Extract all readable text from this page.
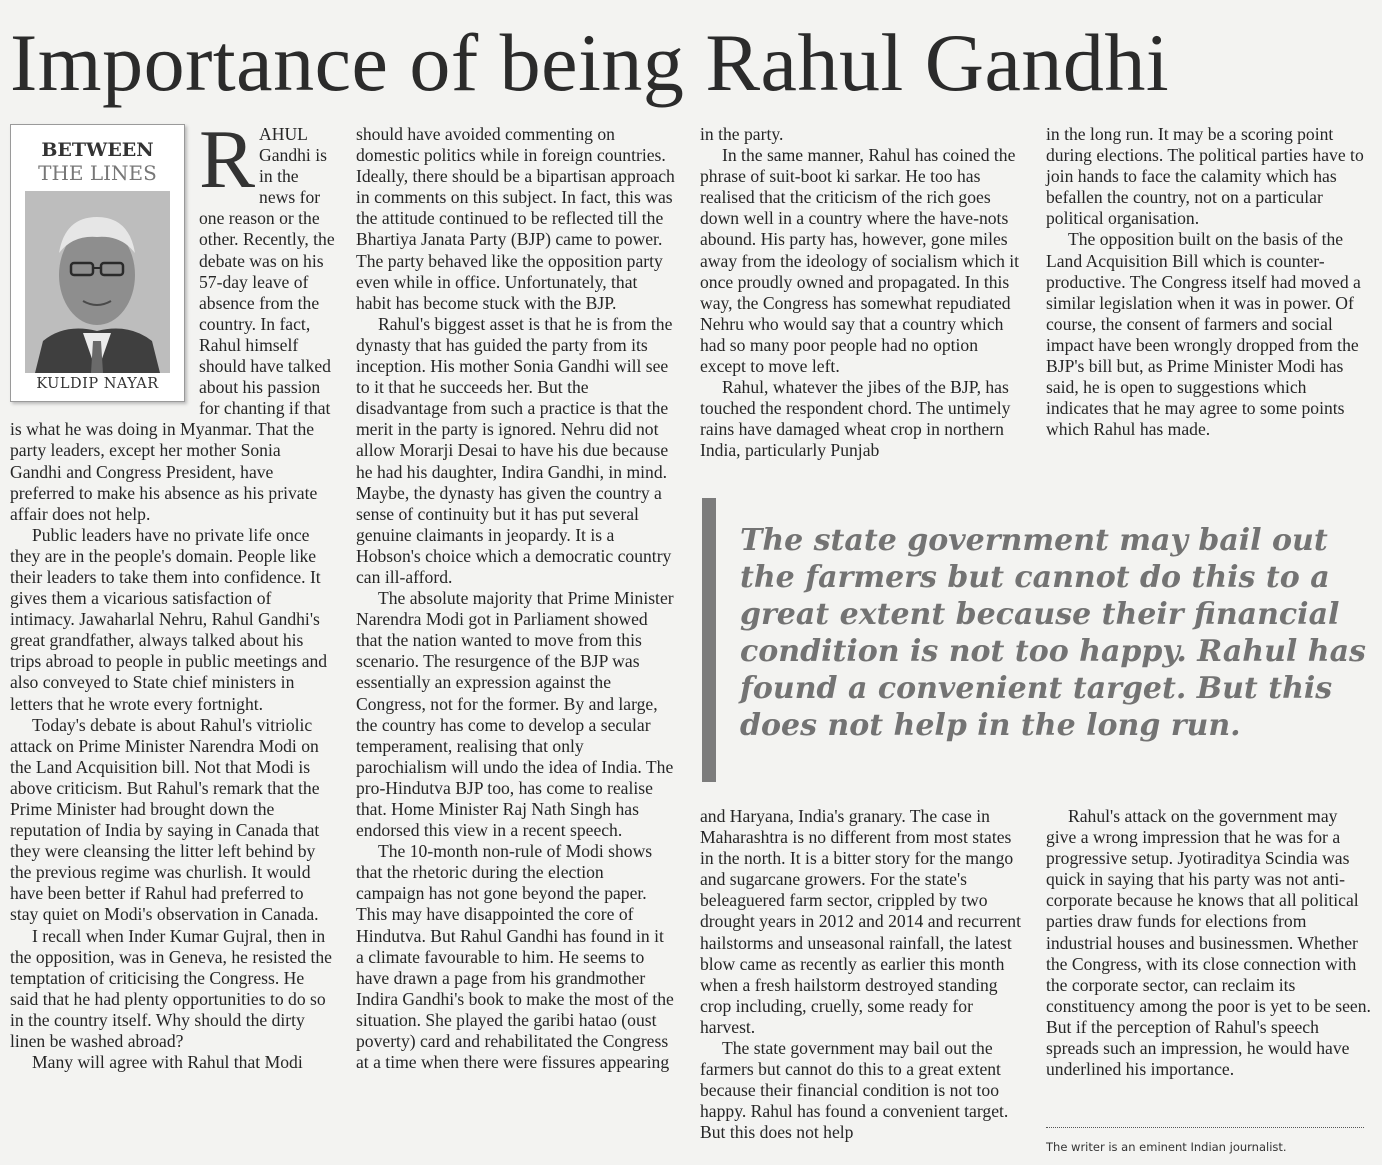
Importance of being Rahul Gandhi
BETWEEN
THE LINES
KULDIP NAYAR
R AHUL Gandhi is in the news for one reason or the other. Recently, the debate was on his 57-day leave of absence from the country. In fact, Rahul himself should have talked about his passion for chanting if that is what he was doing in Myanmar. That the party leaders, except her mother Sonia Gandhi and Congress President, have preferred to make his absence as his private affair does not help.

Public leaders have no private life once they are in the people's domain. People like their leaders to take them into confidence. It gives them a vicarious satisfaction of intimacy. Jawaharlal Nehru, Rahul Gandhi's great grandfather, always talked about his trips abroad to people in public meetings and also conveyed to State chief ministers in letters that he wrote every fortnight.

Today's debate is about Rahul's vitriolic attack on Prime Minister Narendra Modi on the Land Acquisition bill. Not that Modi is above criticism. But Rahul's remark that the Prime Minister had brought down the reputation of India by saying in Canada that they were cleansing the litter left behind by the previous regime was churlish. It would have been better if Rahul had preferred to stay quiet on Modi's observation in Canada.

I recall when Inder Kumar Gujral, then in the opposition, was in Geneva, he resisted the temptation of criticising the Congress. He said that he had plenty opportunities to do so in the country itself. Why should the dirty linen be washed abroad?

Many will agree with Rahul that Modi

should have avoided commenting on domestic politics while in foreign countries. Ideally, there should be a bipartisan approach in comments on this subject. In fact, this was the attitude continued to be reflected till the Bhartiya Janata Party (BJP) came to power. The party behaved like the opposition party even while in office. Unfortunately, that habit has become stuck with the BJP.

Rahul's biggest asset is that he is from the dynasty that has guided the party from its inception. His mother Sonia Gandhi will see to it that he succeeds her. But the disadvantage from such a practice is that the merit in the party is ignored. Nehru did not allow Morarji Desai to have his due because he had his daughter, Indira Gandhi, in mind. Maybe, the dynasty has given the country a sense of continuity but it has put several genuine claimants in jeopardy. It is a Hobson's choice which a democratic country can ill-afford.

The absolute majority that Prime Minister Narendra Modi got in Parliament showed that the nation wanted to move from this scenario. The resurgence of the BJP was essentially an expression against the Congress, not for the former. By and large, the country has come to develop a secular temperament, realising that only parochialism will undo the idea of India. The pro-Hindutva BJP too, has come to realise that. Home Minister Raj Nath Singh has endorsed this view in a recent speech.

The 10-month non-rule of Modi shows that the rhetoric during the election campaign has not gone beyond the paper. This may have disappointed the core of Hindutva. But Rahul Gandhi has found in it a climate favourable to him. He seems to have drawn a page from his grandmother Indira Gandhi's book to make the most of the situation. She played the garibi hatao (oust poverty) card and rehabilitated the Congress at a time when there were fissures appearing

in the party.

In the same manner, Rahul has coined the phrase of suit-boot ki sarkar. He too has realised that the criticism of the rich goes down well in a country where the have-nots abound. His party has, however, gone miles away from the ideology of socialism which it once proudly owned and propagated. In this way, the Congress has somewhat repudiated Nehru who would say that a country which had so many poor people had no option except to move left.

Rahul, whatever the jibes of the BJP, has touched the respondent chord. The untimely rains have damaged wheat crop in northern India, particularly Punjab

in the long run. It may be a scoring point during elections. The political parties have to join hands to face the calamity which has befallen the country, not on a particular political organisation.

The opposition built on the basis of the Land Acquisition Bill which is counter-productive. The Congress itself had moved a similar legislation when it was in power. Of course, the consent of farmers and social impact have been wrongly dropped from the BJP's bill but, as Prime Minister Modi has said, he is open to suggestions which indicates that he may agree to some points which Rahul has made.

The state government may bail out the farmers but cannot do this to a great extent because their financial condition is not too happy. Rahul has found a convenient target. But this does not help in the long run.

and Haryana, India's granary. The case in Maharashtra is no different from most states in the north. It is a bitter story for the mango and sugarcane growers. For the state's beleaguered farm sector, crippled by two drought years in 2012 and 2014 and recurrent hailstorms and unseasonal rainfall, the latest blow came as recently as earlier this month when a fresh hailstorm destroyed standing crop including, cruelly, some ready for harvest.

The state government may bail out the farmers but cannot do this to a great extent because their financial condition is not too happy. Rahul has found a convenient target. But this does not help

Rahul's attack on the government may give a wrong impression that he was for a progressive setup. Jyotiraditya Scindia was quick in saying that his party was not anti-corporate because he knows that all political parties draw funds for elections from industrial houses and businessmen. Whether the Congress, with its close connection with the corporate sector, can reclaim its constituency among the poor is yet to be seen. But if the perception of Rahul's speech spreads such an impression, he would have underlined his importance.

The writer is an eminent Indian journalist.
